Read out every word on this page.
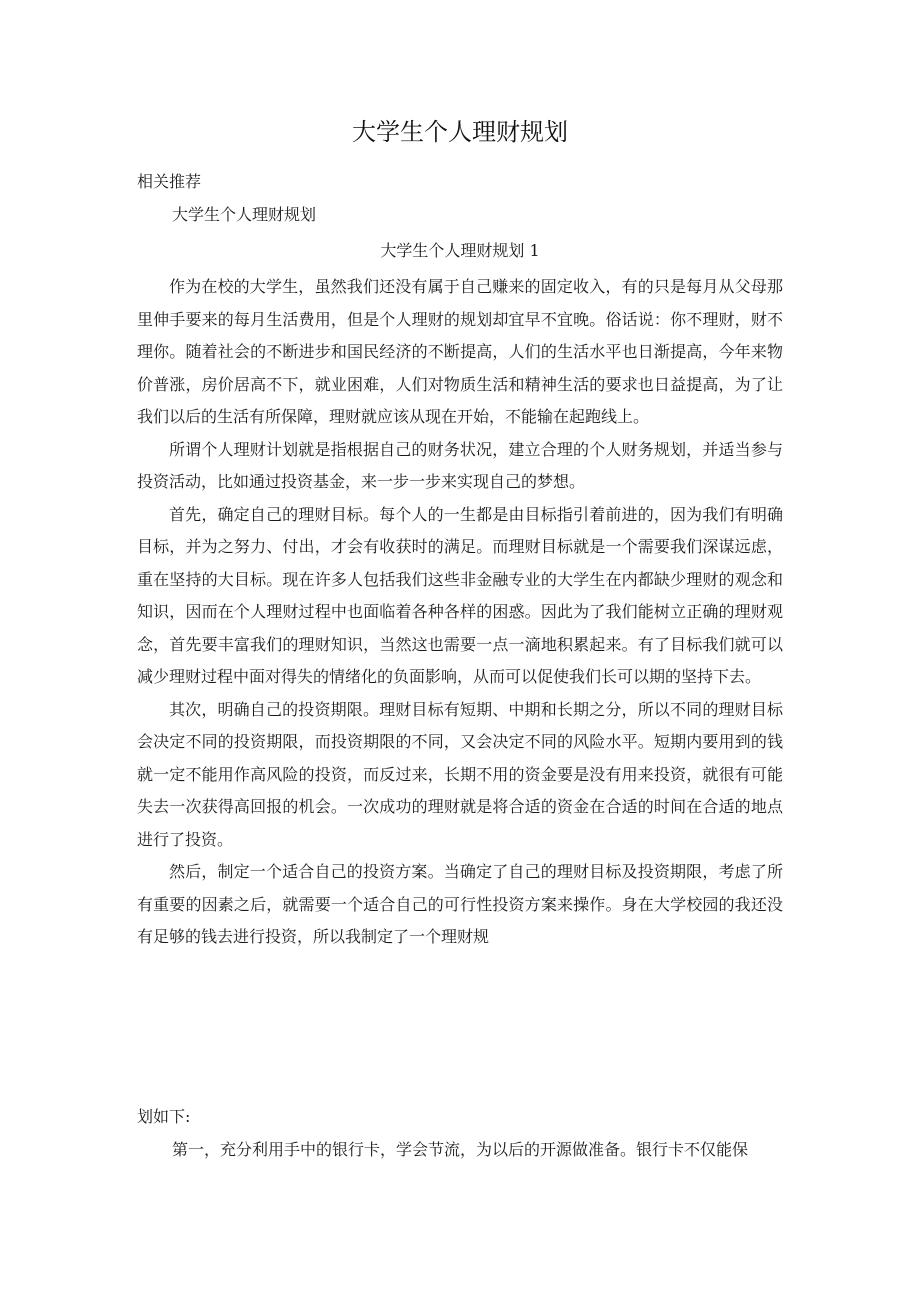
大学生个人理财规划
相关推荐
大学生个人理财规划
大学生个人理财规划 1

作为在校的大学生，虽然我们还没有属于自己赚来的固定收入，有的只是每月从父母那里伸手要来的每月生活费用，但是个人理财的规划却宜早不宜晚。俗话说：你不理财，财不理你。随着社会的不断进步和国民经济的不断提高，人们的生活水平也日渐提高，今年来物价普涨，房价居高不下，就业困难，人们对物质生活和精神生活的要求也日益提高，为了让我们以后的生活有所保障，理财就应该从现在开始，不能输在起跑线上。

所谓个人理财计划就是指根据自己的财务状况，建立合理的个人财务规划，并适当参与投资活动，比如通过投资基金，来一步一步来实现自己的梦想。

首先，确定自己的理财目标。每个人的一生都是由目标指引着前进的，因为我们有明确目标，并为之努力、付出，才会有收获时的满足。而理财目标就是一个需要我们深谋远虑，重在坚持的大目标。现在许多人包括我们这些非金融专业的大学生在内都缺少理财的观念和知识，因而在个人理财过程中也面临着各种各样的困惑。因此为了我们能树立正确的理财观念，首先要丰富我们的理财知识，当然这也需要一点一滴地积累起来。有了目标我们就可以减少理财过程中面对得失的情绪化的负面影响，从而可以促使我们长可以期的坚持下去。

其次，明确自己的投资期限。理财目标有短期、中期和长期之分，所以不同的理财目标会决定不同的投资期限，而投资期限的不同，又会决定不同的风险水平。短期内要用到的钱就一定不能用作高风险的投资，而反过来，长期不用的资金要是没有用来投资，就很有可能失去一次获得高回报的机会。一次成功的理财就是将合适的资金在合适的时间在合适的地点进行了投资。

然后，制定一个适合自己的投资方案。当确定了自己的理财目标及投资期限，考虑了所有重要的因素之后，就需要一个适合自己的可行性投资方案来操作。身在大学校园的我还没有足够的钱去进行投资，所以我制定了一个理财规

划如下:
第一，充分利用手中的银行卡，学会节流，为以后的开源做准备。银行卡不仅能保
